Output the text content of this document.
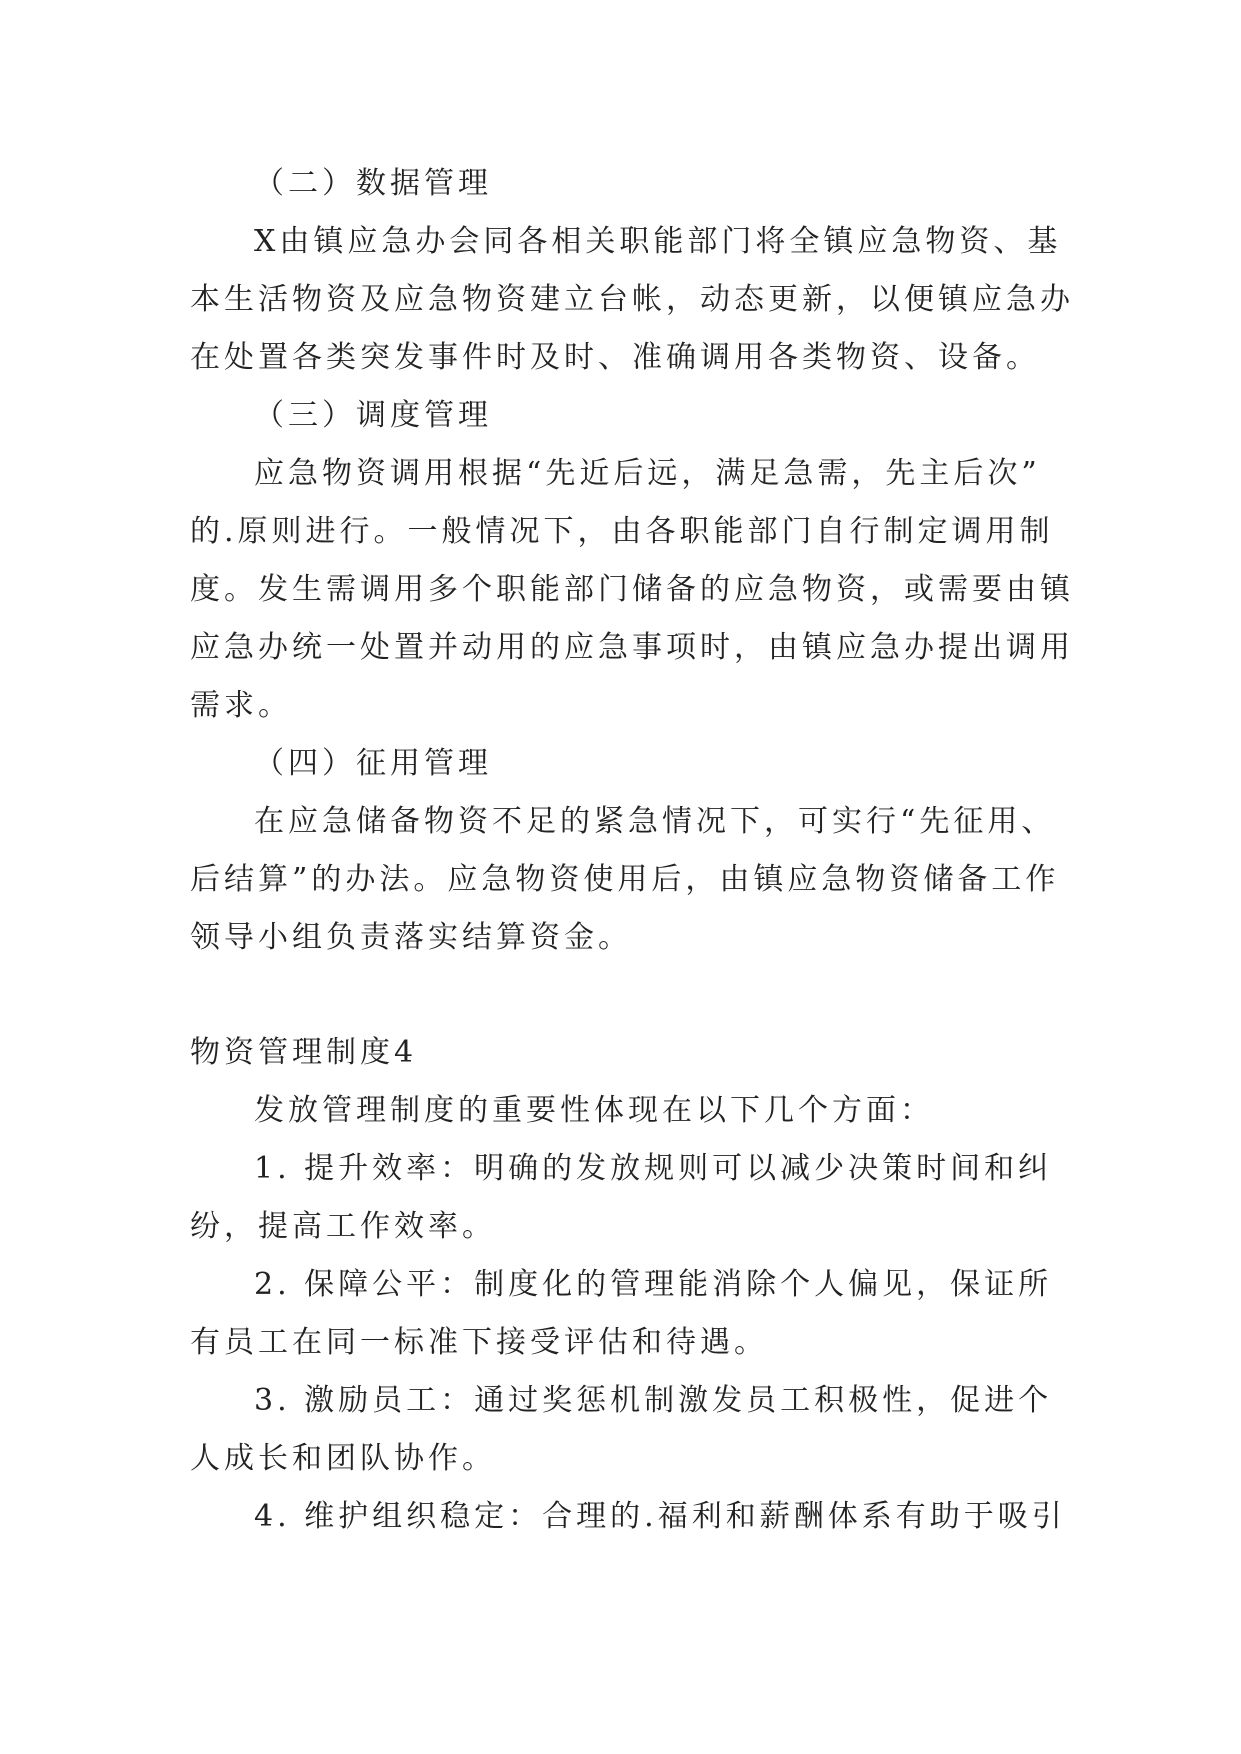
（二）数据管理
X由镇应急办会同各相关职能部门将全镇应急物资、基
本生活物资及应急物资建立台帐，动态更新，以便镇应急办
在处置各类突发事件时及时、准确调用各类物资、设备。
（三）调度管理
应急物资调用根据“先近后远，满足急需，先主后次”
的.原则进行。一般情况下，由各职能部门自行制定调用制
度。发生需调用多个职能部门储备的应急物资，或需要由镇
应急办统一处置并动用的应急事项时，由镇应急办提出调用
需求。
（四）征用管理
在应急储备物资不足的紧急情况下，可实行“先征用、
后结算”的办法。应急物资使用后，由镇应急物资储备工作
领导小组负责落实结算资金。
物资管理制度4
发放管理制度的重要性体现在以下几个方面：
1. 提升效率：明确的发放规则可以减少决策时间和纠
纷，提高工作效率。
2. 保障公平：制度化的管理能消除个人偏见，保证所
有员工在同一标准下接受评估和待遇。
3. 激励员工：通过奖惩机制激发员工积极性，促进个
人成长和团队协作。
4. 维护组织稳定：合理的.福利和薪酬体系有助于吸引
